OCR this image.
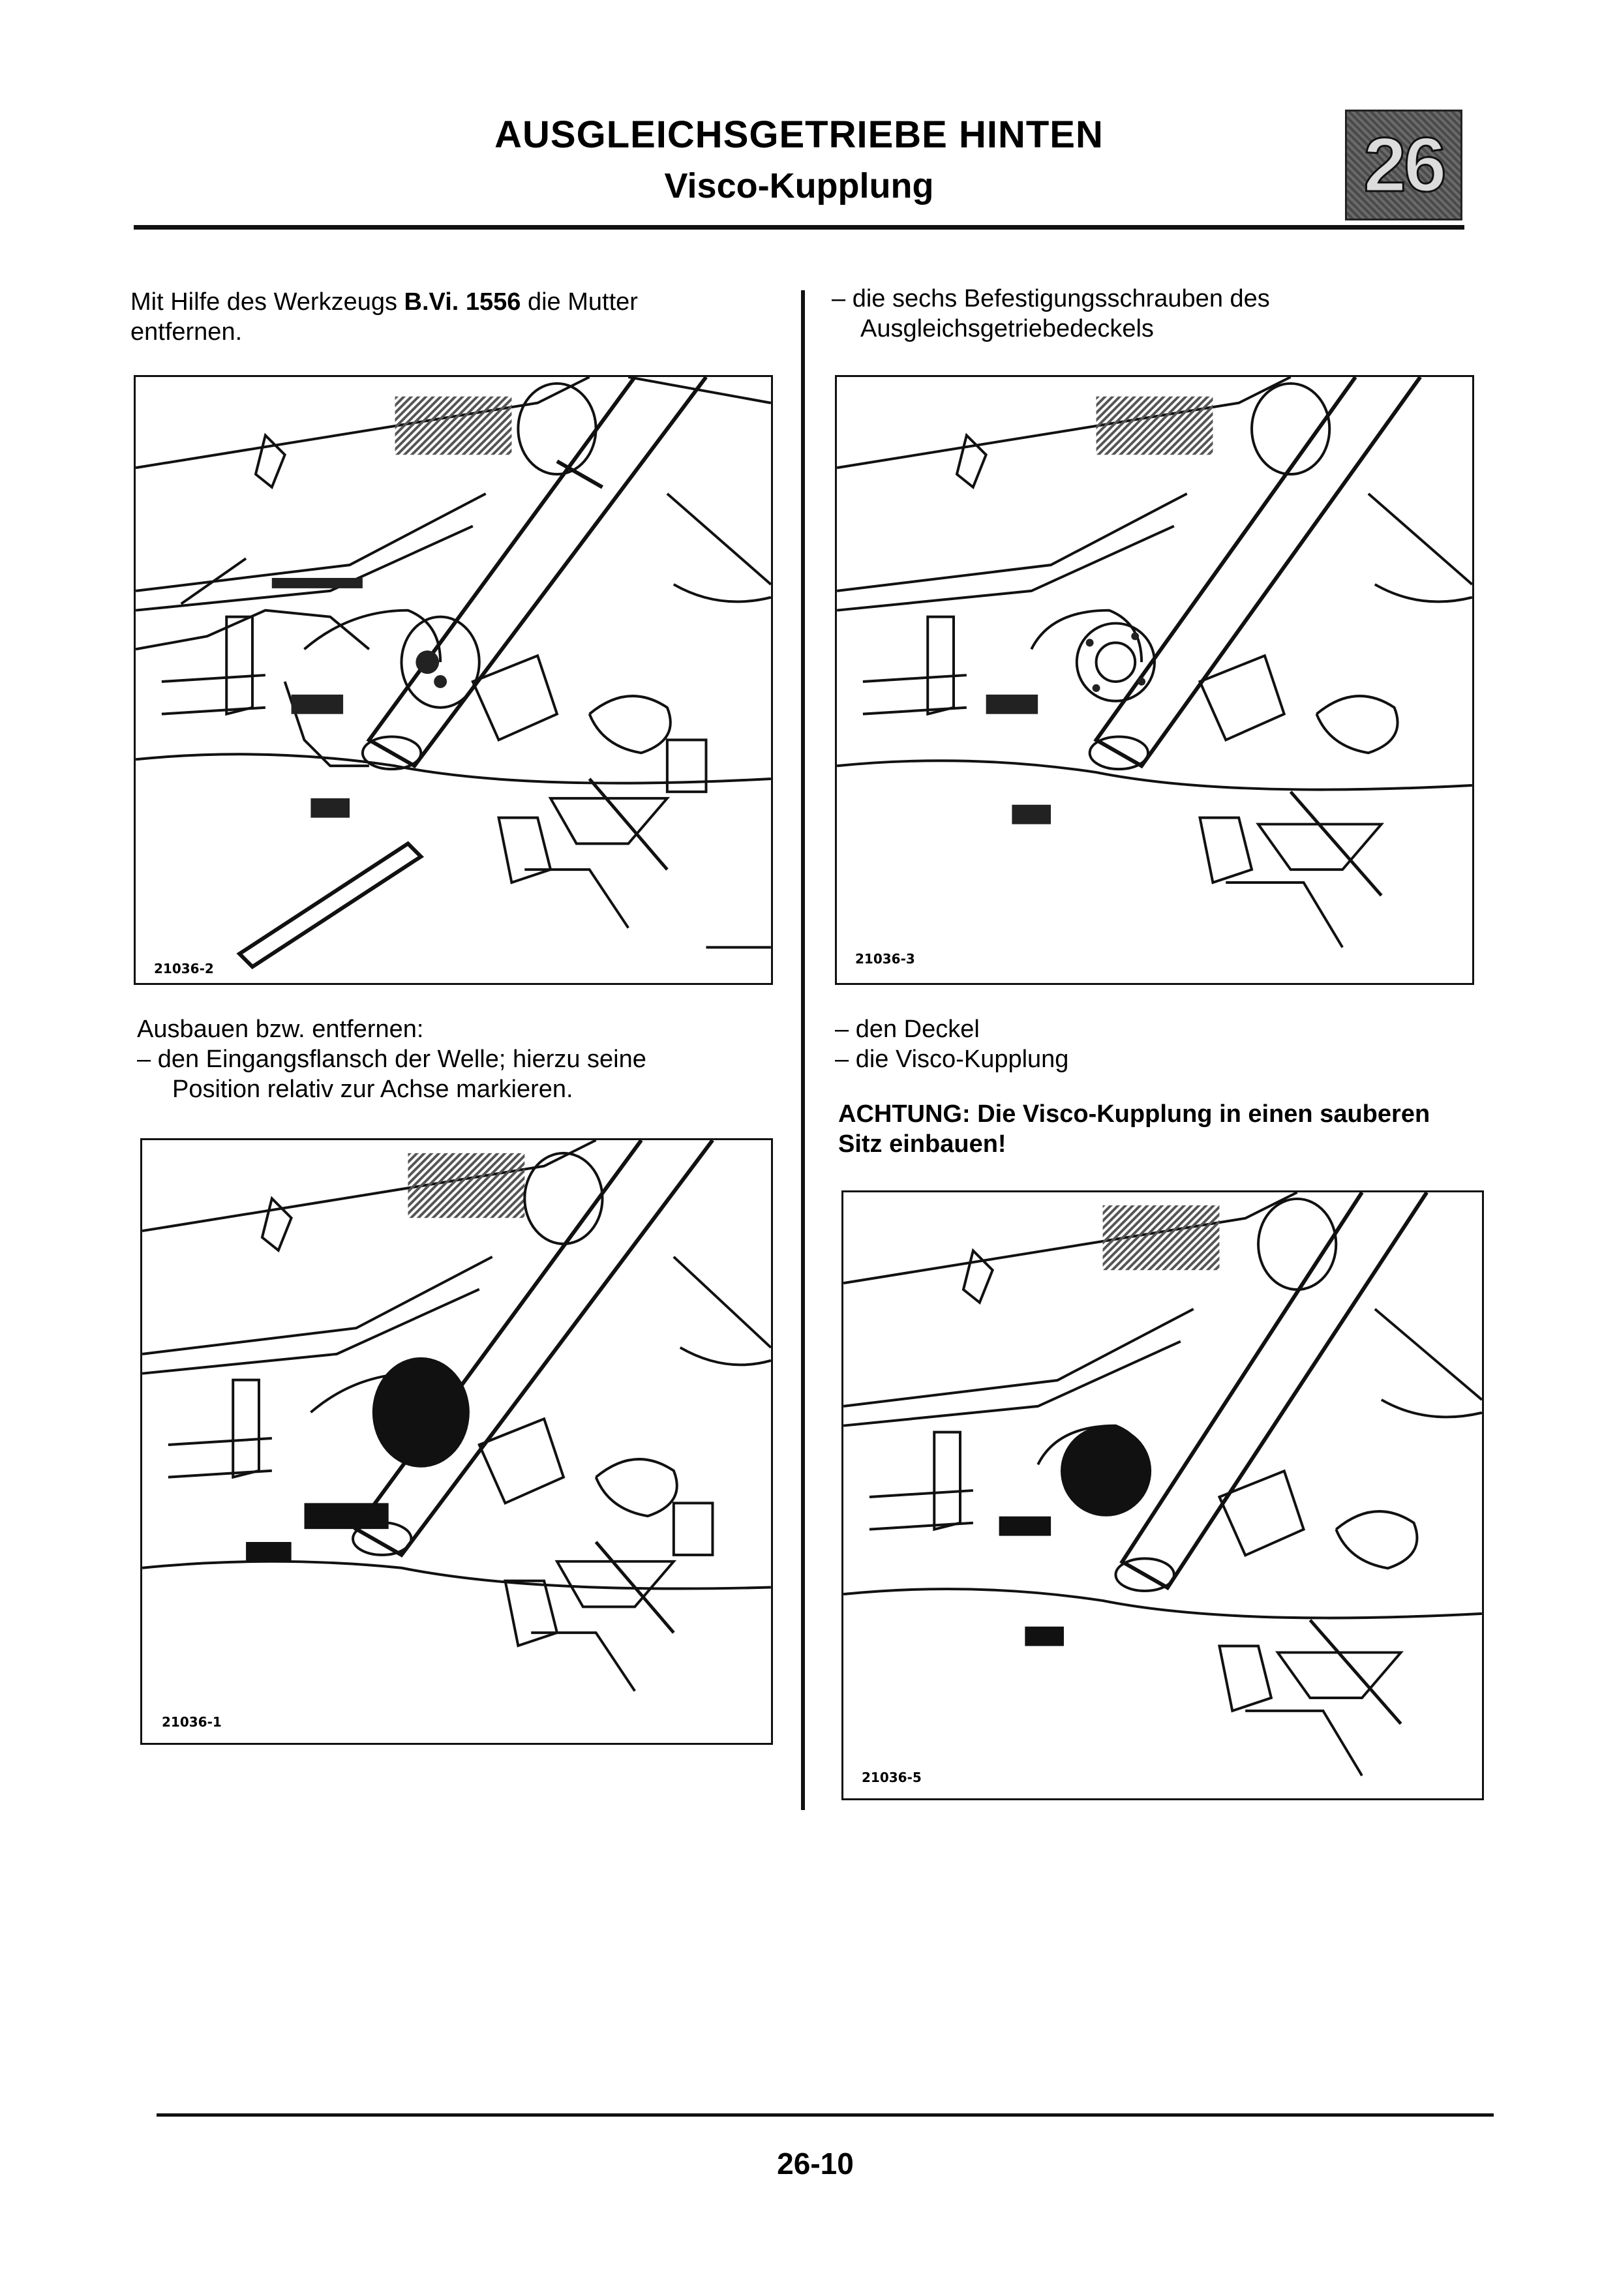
AUSGLEICHSGETRIEBE HINTEN
Visco-Kupplung	26
Mit Hilfe des Werkzeugs B.Vi. 1556 die Mutter
entfernen.
21036-2
Ausbauen bzw. entfernen:
– den Eingangsflansch der Welle; hierzu seine
Position relativ zur Achse markieren.
21036-1
– die sechs Befestigungsschrauben des
Ausgleichsgetriebedeckels
21036-3
– den Deckel
– die Visco-Kupplung
ACHTUNG: Die Visco-Kupplung in einen sauberen
Sitz einbauen!
21036-5
26-10
